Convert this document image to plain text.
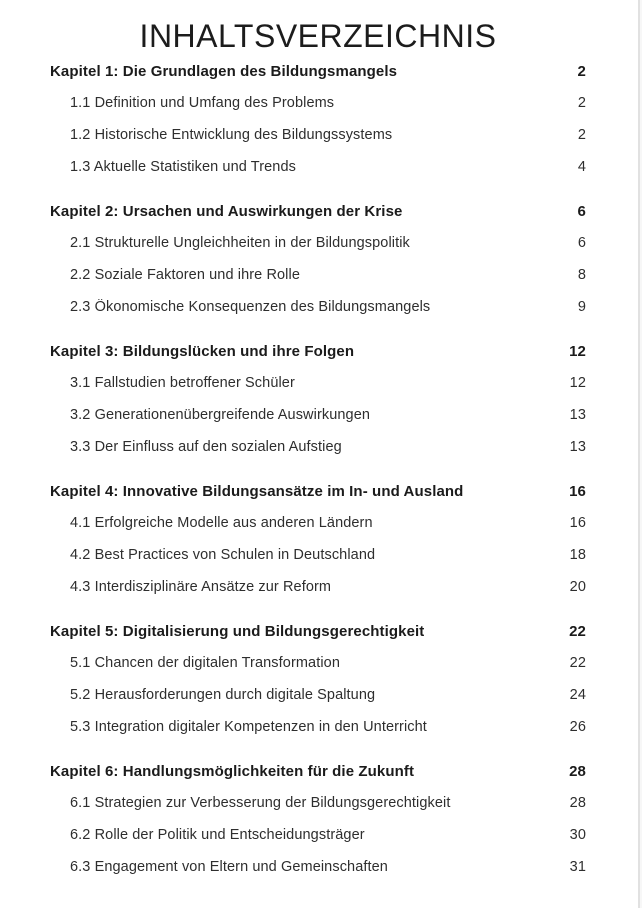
INHALTSVERZEICHNIS
Kapitel 1: Die Grundlagen des Bildungsmangels	2
1.1 Definition und Umfang des Problems	2
1.2 Historische Entwicklung des Bildungssystems	2
1.3 Aktuelle Statistiken und Trends	4
Kapitel 2: Ursachen und Auswirkungen der Krise	6
2.1 Strukturelle Ungleichheiten in der Bildungspolitik	6
2.2 Soziale Faktoren und ihre Rolle	8
2.3 Ökonomische Konsequenzen des Bildungsmangels	9
Kapitel 3: Bildungslücken und ihre Folgen	12
3.1 Fallstudien betroffener Schüler	12
3.2 Generationenübergreifende Auswirkungen	13
3.3 Der Einfluss auf den sozialen Aufstieg	13
Kapitel 4: Innovative Bildungsansätze im In- und Ausland	16
4.1 Erfolgreiche Modelle aus anderen Ländern	16
4.2 Best Practices von Schulen in Deutschland	18
4.3 Interdisziplinäre Ansätze zur Reform	20
Kapitel 5: Digitalisierung und Bildungsgerechtigkeit	22
5.1 Chancen der digitalen Transformation	22
5.2 Herausforderungen durch digitale Spaltung	24
5.3 Integration digitaler Kompetenzen in den Unterricht	26
Kapitel 6: Handlungsmöglichkeiten für die Zukunft	28
6.1 Strategien zur Verbesserung der Bildungsgerechtigkeit	28
6.2 Rolle der Politik und Entscheidungsträger	30
6.3 Engagement von Eltern und Gemeinschaften	31
